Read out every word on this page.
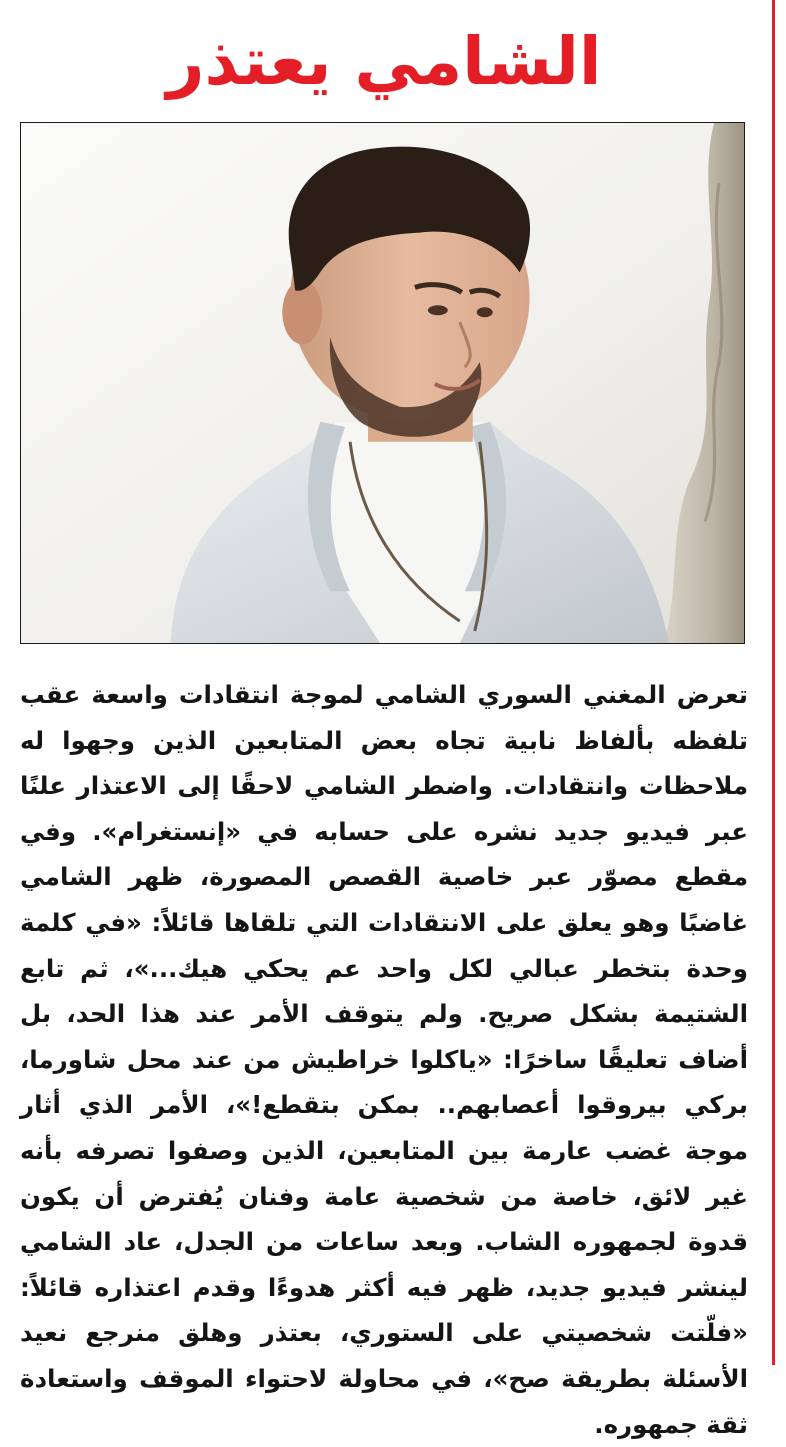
الشامي يعتذر

تعرض المغني السوري الشامي لموجة انتقادات واسعة عقب تلفظه بألفاظ نابية تجاه بعض المتابعين الذين وجهوا له ملاحظات وانتقادات. واضطر الشامي لاحقًا إلى الاعتذار علنًا عبر فيديو جديد نشره على حسابه في «إنستغرام». وفي مقطع مصوّر عبر خاصية القصص المصورة، ظهر الشامي غاضبًا وهو يعلق على الانتقادات التي تلقاها قائلاً: «في كلمة وحدة بتخطر عبالي لكل واحد عم يحكي هيك...»، ثم تابع الشتيمة بشكل صريح. ولم يتوقف الأمر عند هذا الحد، بل أضاف تعليقًا ساخرًا: «ياكلوا خراطيش من عند محل شاورما، بركي بيروقوا أعصابهم.. بمكن بتقطع!»، الأمر الذي أثار موجة غضب عارمة بين المتابعين، الذين وصفوا تصرفه بأنه غير لائق، خاصة من شخصية عامة وفنان يُفترض أن يكون قدوة لجمهوره الشاب. وبعد ساعات من الجدل، عاد الشامي لينشر فيديو جديد، ظهر فيه أكثر هدوءًا وقدم اعتذاره قائلاً: «فلّتت شخصيتي على الستوري، بعتذر وهلق منرجع نعيد الأسئلة بطريقة صح»، في محاولة لاحتواء الموقف واستعادة ثقة جمهوره.
